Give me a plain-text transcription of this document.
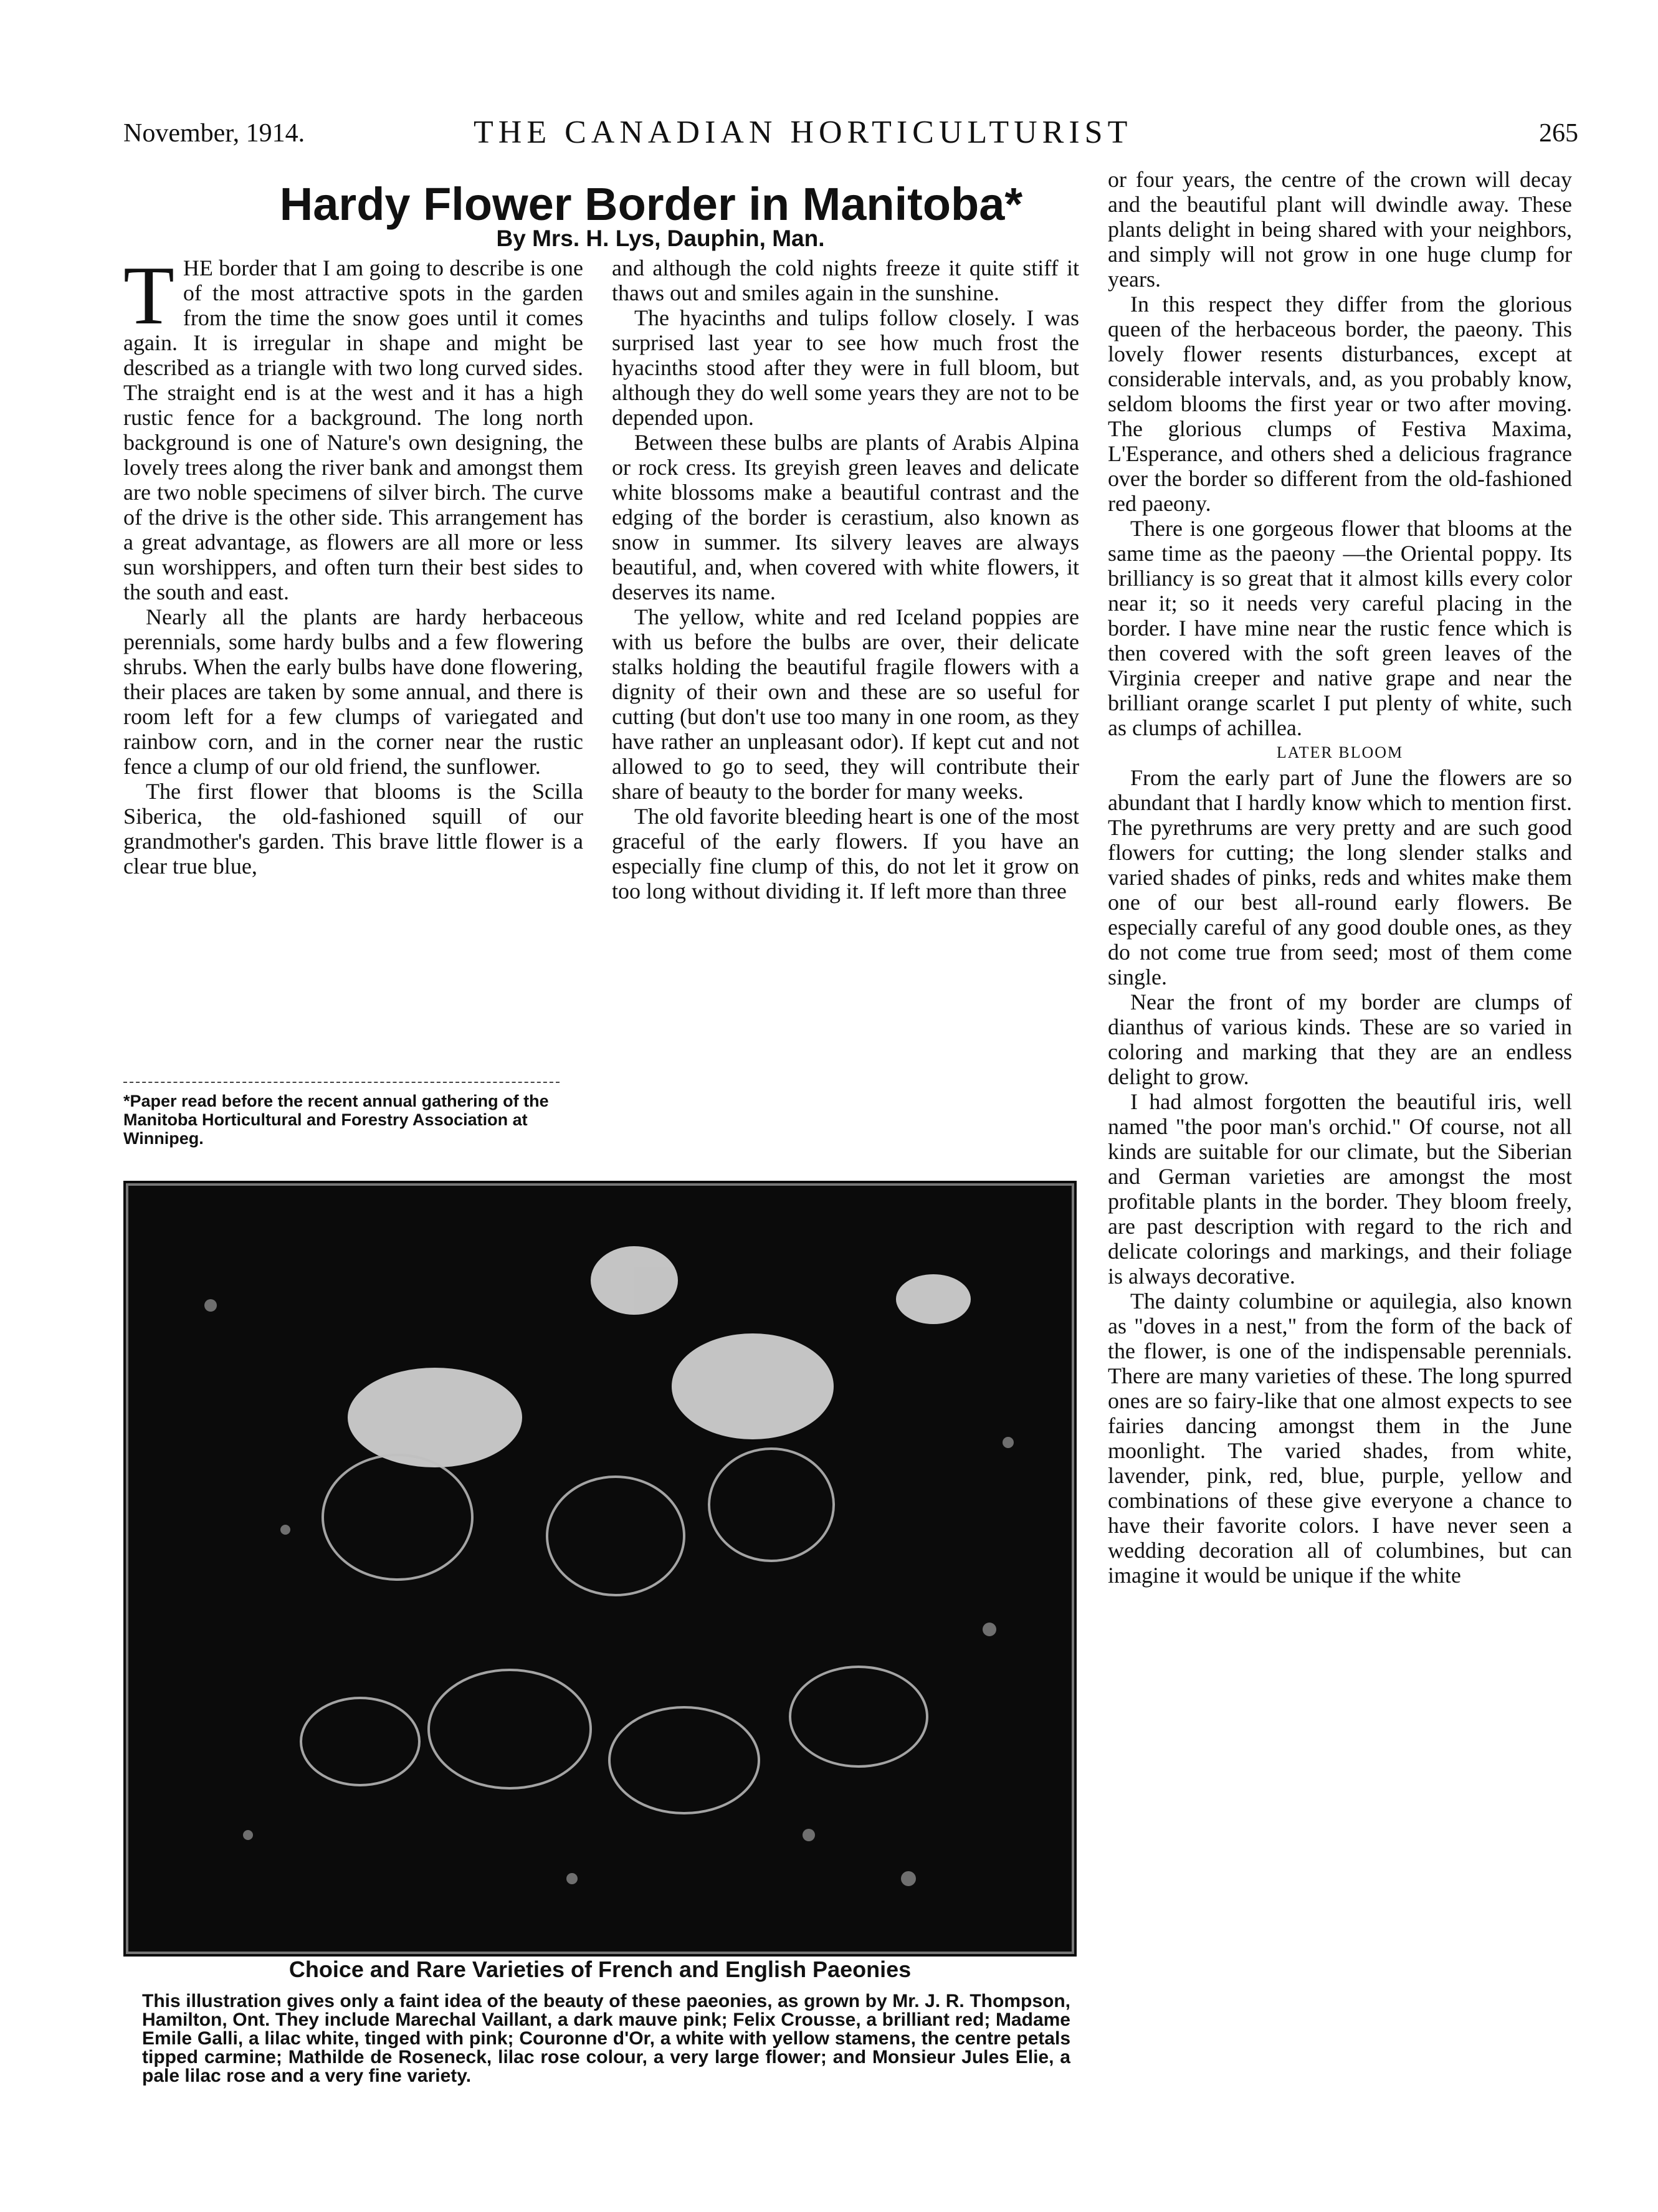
November, 1914.	THE CANADIAN HORTICULTURIST	265
Hardy Flower Border in Manitoba*
By Mrs. H. Lys, Dauphin, Man.

THE border that I am going to describe is one of the most attractive spots in the garden from the time the snow goes until it comes again. It is irregular in shape and might be described as a triangle with two long curved sides. The straight end is at the west and it has a high rustic fence for a background. The long north background is one of Nature's own designing, the lovely trees along the river bank and amongst them are two noble specimens of silver birch. The curve of the drive is the other side. This arrangement has a great advantage, as flowers are all more or less sun worshippers, and often turn their best sides to the south and east.

Nearly all the plants are hardy herbaceous perennials, some hardy bulbs and a few flowering shrubs. When the early bulbs have done flowering, their places are taken by some annual, and there is room left for a few clumps of variegated and rainbow corn, and in the corner near the rustic fence a clump of our old friend, the sunflower.

The first flower that blooms is the Scilla Siberica, the old-fashioned squill of our grandmother's garden. This brave little flower is a clear true blue,

*Paper read before the recent annual gathering of the Manitoba Horticultural and Forestry Association at Winnipeg.

and although the cold nights freeze it quite stiff it thaws out and smiles again in the sunshine.

The hyacinths and tulips follow closely. I was surprised last year to see how much frost the hyacinths stood after they were in full bloom, but although they do well some years they are not to be depended upon.

Between these bulbs are plants of Arabis Alpina or rock cress. Its greyish green leaves and delicate white blossoms make a beautiful contrast and the edging of the border is cerastium, also known as snow in summer. Its silvery leaves are always beautiful, and, when covered with white flowers, it deserves its name.

The yellow, white and red Iceland poppies are with us before the bulbs are over, their delicate stalks holding the beautiful fragile flowers with a dignity of their own and these are so useful for cutting (but don't use too many in one room, as they have rather an unpleasant odor). If kept cut and not allowed to go to seed, they will contribute their share of beauty to the border for many weeks.

The old favorite bleeding heart is one of the most graceful of the early flowers. If you have an especially fine clump of this, do not let it grow on too long without dividing it. If left more than three

or four years, the centre of the crown will decay and the beautiful plant will dwindle away. These plants delight in being shared with your neighbors, and simply will not grow in one huge clump for years.

In this respect they differ from the glorious queen of the herbaceous border, the paeony. This lovely flower resents disturbances, except at considerable intervals, and, as you probably know, seldom blooms the first year or two after moving. The glorious clumps of Festiva Maxima, L'Esperance, and others shed a delicious fragrance over the border so different from the old-fashioned red paeony.

There is one gorgeous flower that blooms at the same time as the paeony —the Oriental poppy. Its brilliancy is so great that it almost kills every color near it; so it needs very careful placing in the border. I have mine near the rustic fence which is then covered with the soft green leaves of the Virginia creeper and native grape and near the brilliant orange scarlet I put plenty of white, such as clumps of achillea.

LATER BLOOM

From the early part of June the flowers are so abundant that I hardly know which to mention first. The pyrethrums are very pretty and are such good flowers for cutting; the long slender stalks and varied shades of pinks, reds and whites make them one of our best all-round early flowers. Be especially careful of any good double ones, as they do not come true from seed; most of them come single.

Near the front of my border are clumps of dianthus of various kinds. These are so varied in coloring and marking that they are an endless delight to grow.

I had almost forgotten the beautiful iris, well named "the poor man's orchid." Of course, not all kinds are suitable for our climate, but the Siberian and German varieties are amongst the most profitable plants in the border. They bloom freely, are past description with regard to the rich and delicate colorings and markings, and their foliage is always decorative.

The dainty columbine or aquilegia, also known as "doves in a nest," from the form of the back of the flower, is one of the indispensable perennials. There are many varieties of these. The long spurred ones are so fairy-like that one almost expects to see fairies dancing amongst them in the June moonlight. The varied shades, from white, lavender, pink, red, blue, purple, yellow and combinations of these give everyone a chance to have their favorite colors. I have never seen a wedding decoration all of columbines, but can imagine it would be unique if the white

Choice and Rare Varieties of French and English Paeonies
This illustration gives only a faint idea of the beauty of these paeonies, as grown by Mr. J. R. Thompson, Hamilton, Ont. They include Marechal Vaillant, a dark mauve pink; Felix Crousse, a brilliant red; Madame Emile Galli, a lilac white, tinged with pink; Couronne d'Or, a white with yellow stamens, the centre petals tipped carmine; Mathilde de Roseneck, lilac rose colour, a very large flower; and Monsieur Jules Elie, a pale lilac rose and a very fine variety.
